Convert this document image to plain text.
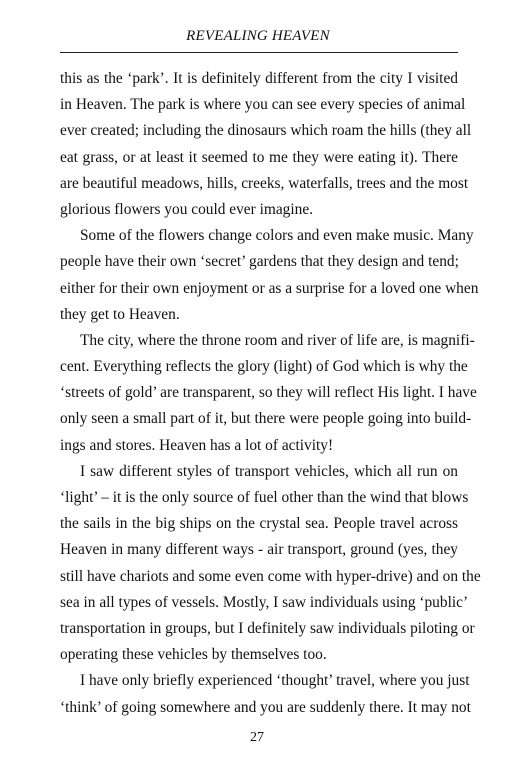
REVEALING HEAVEN
this as the ‘park’. It is definitely different from the city I visited
in Heaven. The park is where you can see every species of animal
ever created; including the dinosaurs which roam the hills (they all
eat grass, or at least it seemed to me they were eating it). There
are beautiful meadows, hills, creeks, waterfalls, trees and the most
glorious flowers you could ever imagine.
Some of the flowers change colors and even make music. Many
people have their own ‘secret’ gardens that they design and tend;
either for their own enjoyment or as a surprise for a loved one when
they get to Heaven.
The city, where the throne room and river of life are, is magnifi-
cent. Everything reflects the glory (light) of God which is why the
‘streets of gold’ are transparent, so they will reflect His light. I have
only seen a small part of it, but there were people going into build-
ings and stores. Heaven has a lot of activity!
I saw different styles of transport vehicles, which all run on
‘light’ – it is the only source of fuel other than the wind that blows
the sails in the big ships on the crystal sea. People travel across
Heaven in many different ways - air transport, ground (yes, they
still have chariots and some even come with hyper-drive) and on the
sea in all types of vessels. Mostly, I saw individuals using ‘public’
transportation in groups, but I definitely saw individuals piloting or
operating these vehicles by themselves too.
I have only briefly experienced ‘thought’ travel, where you just
‘think’ of going somewhere and you are suddenly there. It may not
27
